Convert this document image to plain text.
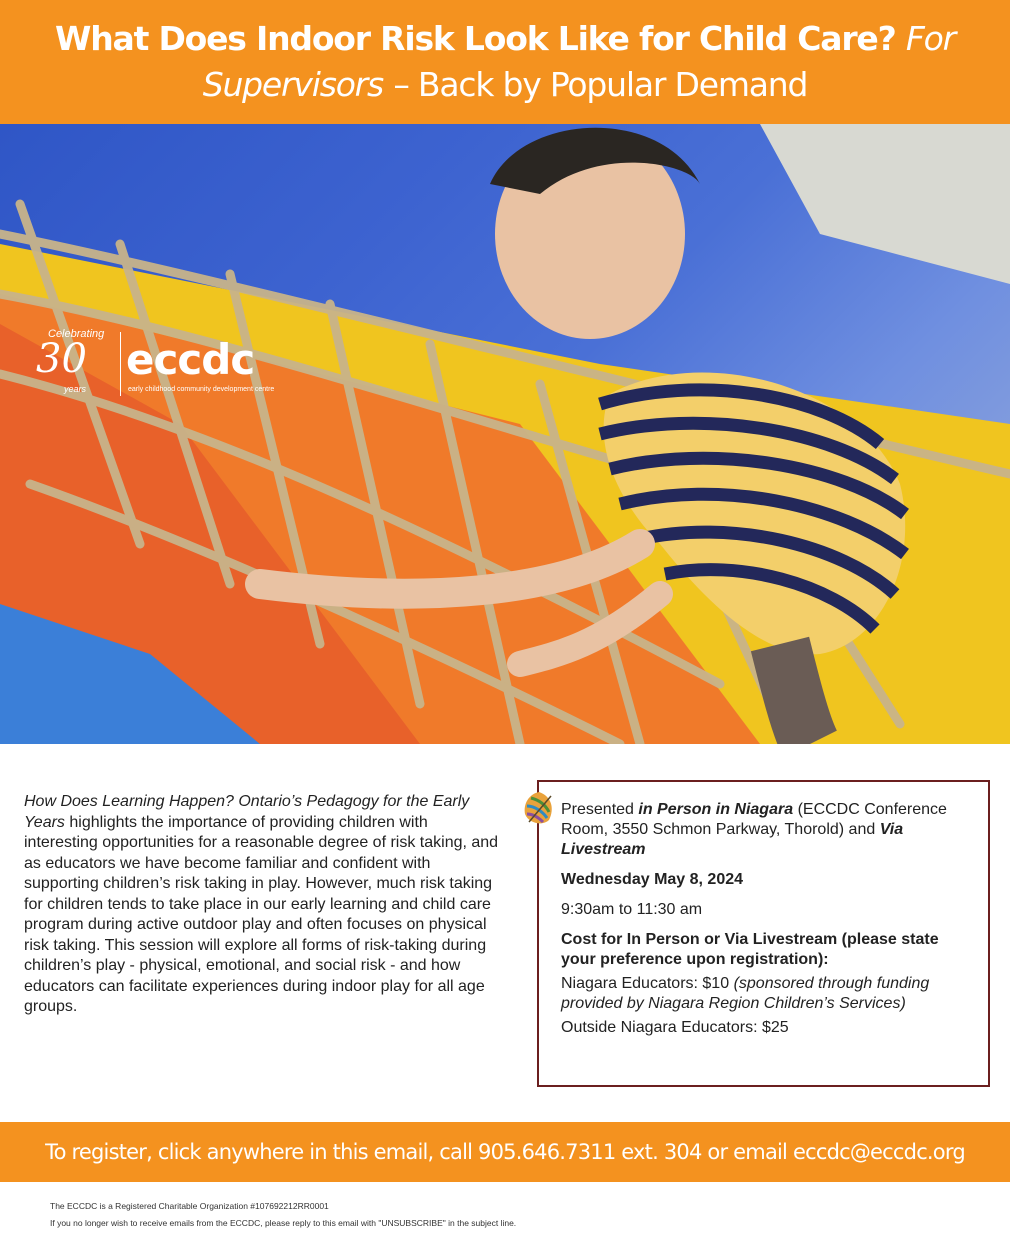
What Does Indoor Risk Look Like for Child Care? For
Supervisors – Back by Popular Demand
Celebrating
30
years
eccdc
early childhood community development centre
How Does Learning Happen? Ontario’s Pedagogy for the Early Years highlights the importance of providing children with interesting opportunities for a reasonable degree of risk taking, and as educators we have become familiar and confident with supporting children’s risk taking in play. However, much risk taking for children tends to take place in our early learning and child care program during active outdoor play and often focuses on physical risk taking. This session will explore all forms of risk-taking during children’s play - physical, emotional, and social risk - and how educators can facilitate experiences during indoor play for all age groups.
Presented in Person in Niagara (ECCDC Conference Room, 3550 Schmon Parkway, Thorold) and Via Livestream
Wednesday May 8, 2024
9:30am to 11:30 am
Cost for In Person or Via Livestream (please state your preference upon registration):
Niagara Educators: $10 (sponsored through funding provided by Niagara Region Children’s Services)
Outside Niagara Educators: $25
To register, click anywhere in this email, call 905.646.7311 ext. 304 or email eccdc@eccdc.org
The ECCDC is a Registered Charitable Organization #107692212RR0001
If you no longer wish to receive emails from the ECCDC, please reply to this email with "UNSUBSCRIBE" in the subject line.
